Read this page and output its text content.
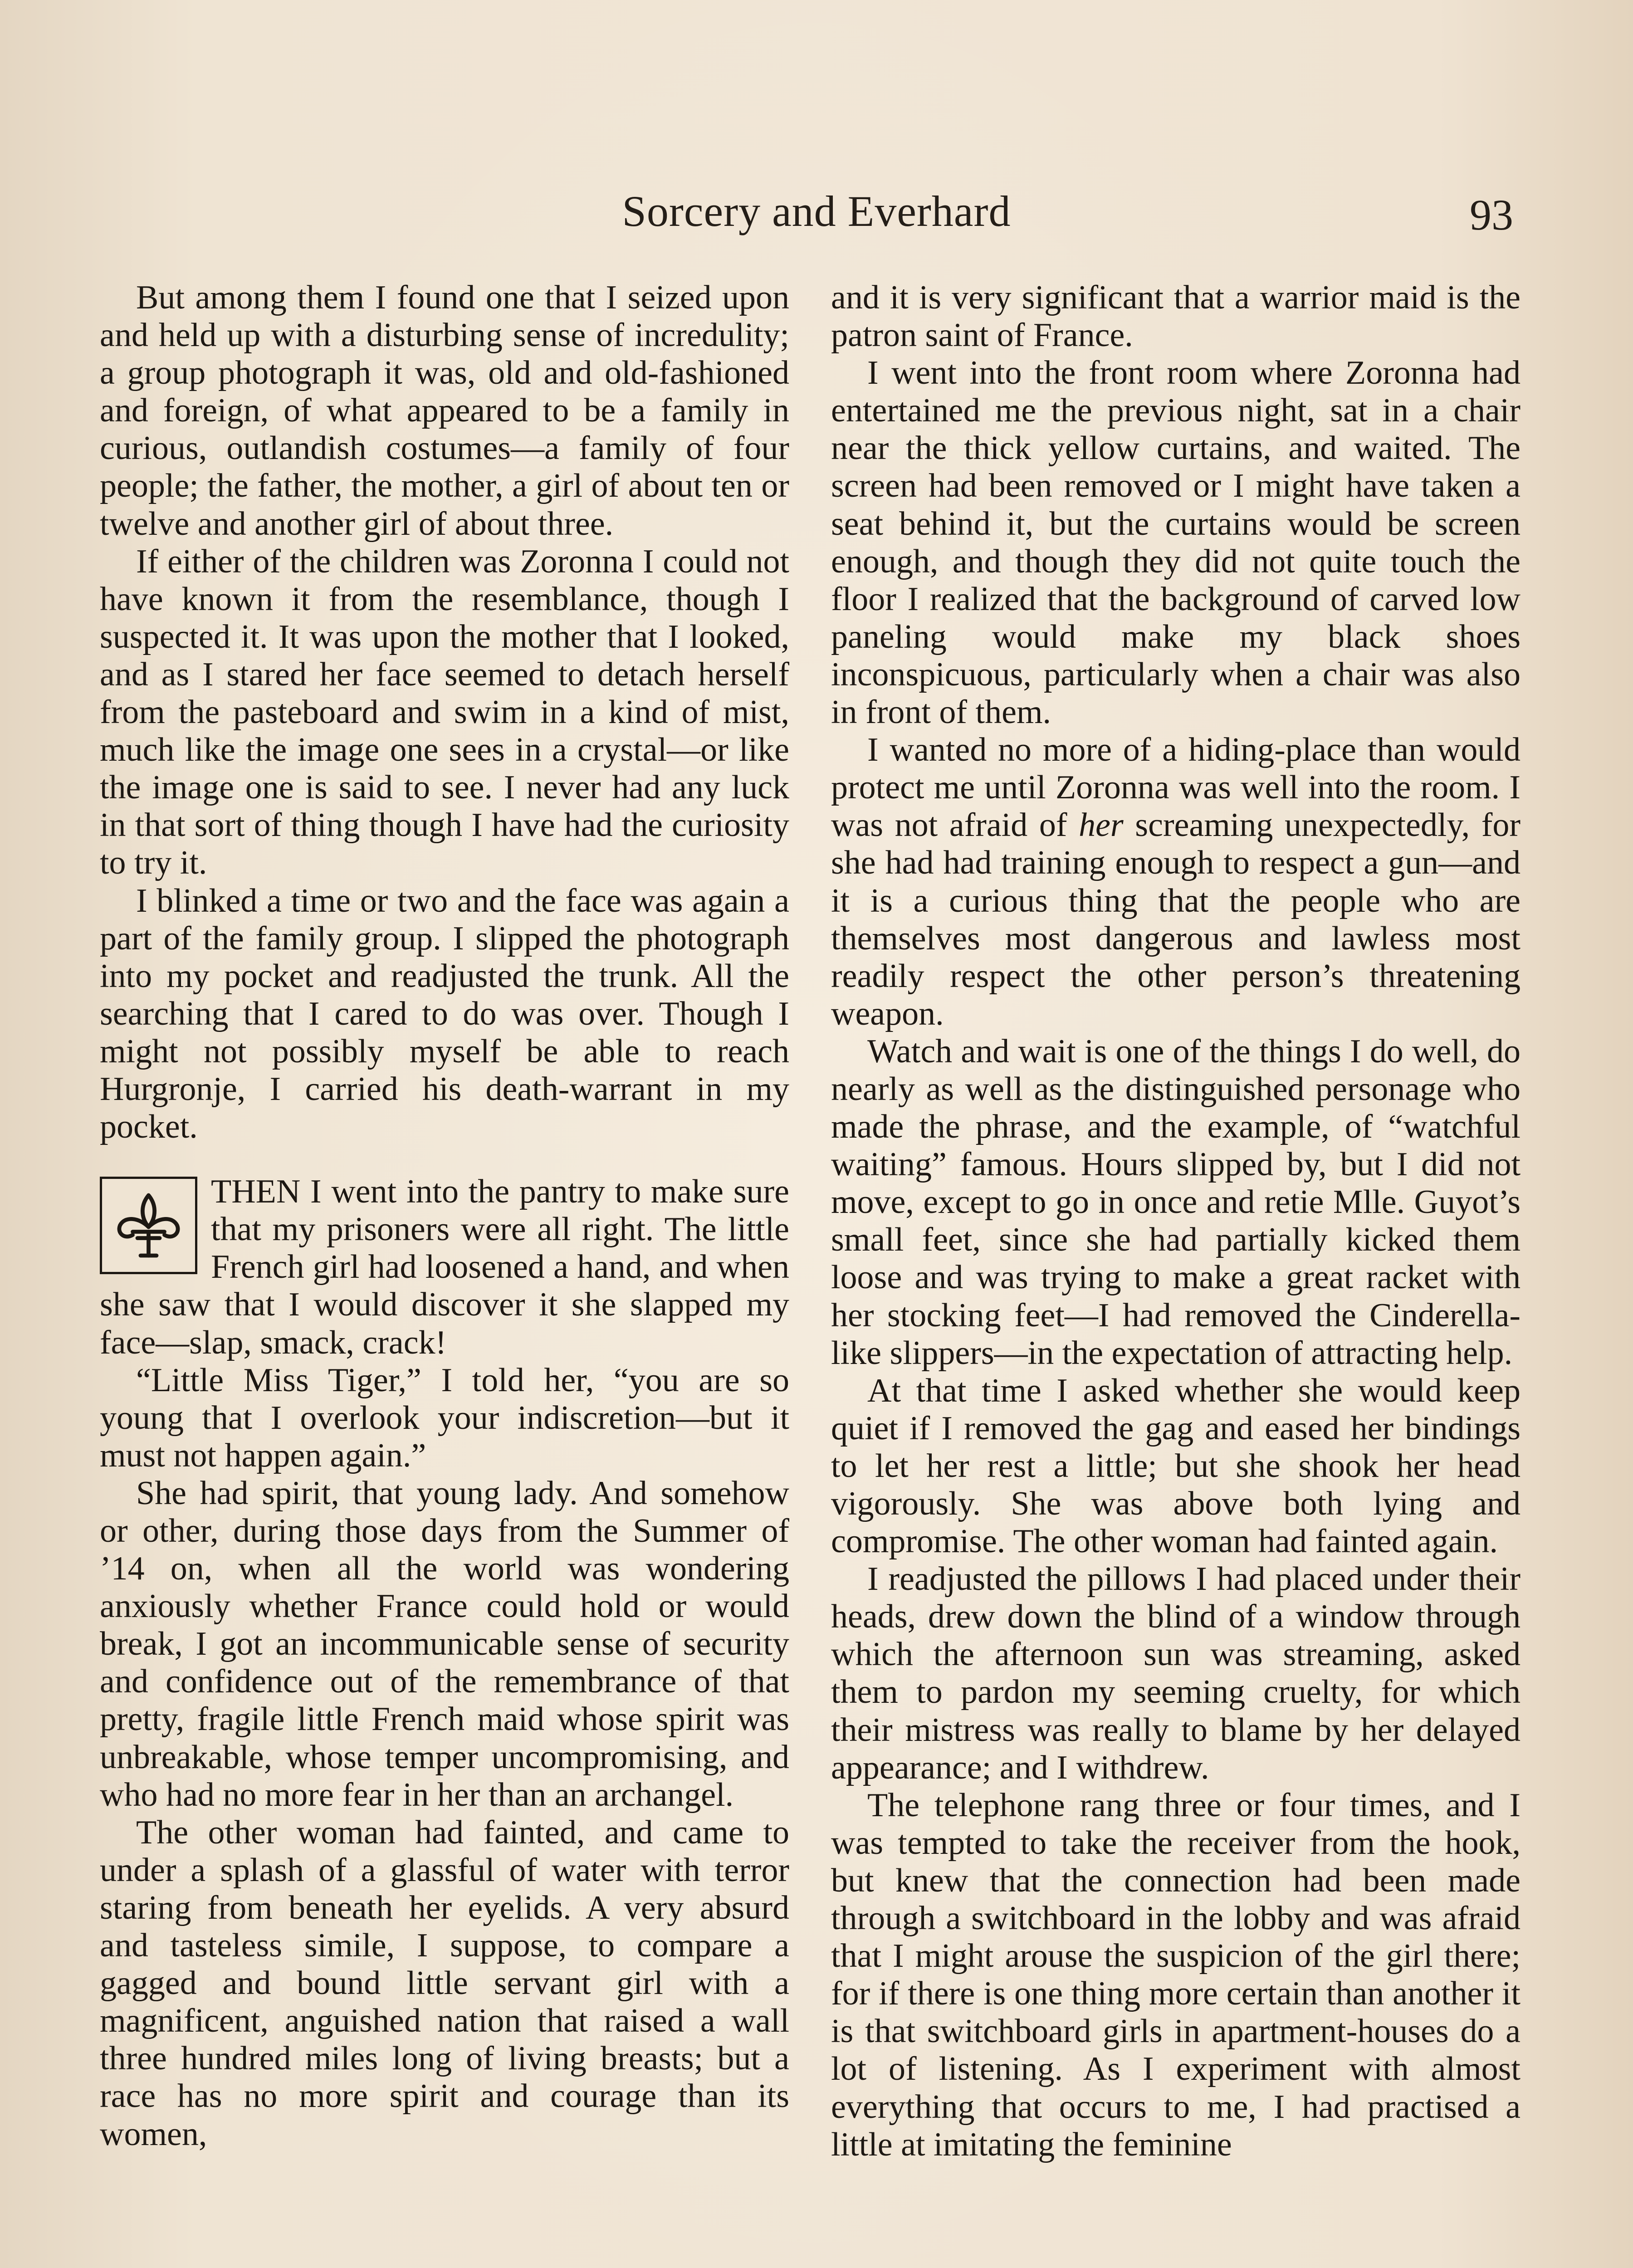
Sorcery and Everhard	93

But among them I found one that I seized upon and held up with a disturbing sense of incredulity; a group photograph it was, old and old-fashioned and foreign, of what appeared to be a family in curious, outlandish costumes—a family of four people; the father, the mother, a girl of about ten or twelve and another girl of about three.

If either of the children was Zoronna I could not have known it from the resemblance, though I suspected it. It was upon the mother that I looked, and as I stared her face seemed to detach herself from the pasteboard and swim in a kind of mist, much like the image one sees in a crystal—or like the image one is said to see. I never had any luck in that sort of thing though I have had the curiosity to try it.

I blinked a time or two and the face was again a part of the family group. I slipped the photograph into my pocket and readjusted the trunk. All the searching that I cared to do was over. Though I might not possibly myself be able to reach Hurgronje, I carried his death-warrant in my pocket.

THEN I went into the pantry to make sure that my prisoners were all right. The little French girl had loosened a hand, and when she saw that I would discover it she slapped my face—slap, smack, crack!

“Little Miss Tiger,” I told her, “you are so young that I overlook your indiscretion—but it must not happen again.”

She had spirit, that young lady. And somehow or other, during those days from the Summer of ’14 on, when all the world was wondering anxiously whether France could hold or would break, I got an incommunicable sense of security and confidence out of the remembrance of that pretty, fragile little French maid whose spirit was unbreakable, whose temper uncompromising, and who had no more fear in her than an archangel.

The other woman had fainted, and came to under a splash of a glassful of water with terror staring from beneath her eyelids. A very absurd and tasteless simile, I suppose, to compare a gagged and bound little servant girl with a magnificent, anguished nation that raised a wall three hundred miles long of living breasts; but a race has no more spirit and courage than its women,

and it is very significant that a warrior maid is the patron saint of France.

I went into the front room where Zoronna had entertained me the previous night, sat in a chair near the thick yellow curtains, and waited. The screen had been removed or I might have taken a seat behind it, but the curtains would be screen enough, and though they did not quite touch the floor I realized that the background of carved low paneling would make my black shoes inconspicuous, particularly when a chair was also in front of them.

I wanted no more of a hiding-place than would protect me until Zoronna was well into the room. I was not afraid of her screaming unexpectedly, for she had had training enough to respect a gun—and it is a curious thing that the people who are themselves most dangerous and lawless most readily respect the other person’s threatening weapon.

Watch and wait is one of the things I do well, do nearly as well as the distinguished personage who made the phrase, and the example, of “watchful waiting” famous. Hours slipped by, but I did not move, except to go in once and retie Mlle. Guyot’s small feet, since she had partially kicked them loose and was trying to make a great racket with her stocking feet—I had removed the Cinderella-like slippers—in the expectation of attracting help.

At that time I asked whether she would keep quiet if I removed the gag and eased her bindings to let her rest a little; but she shook her head vigorously. She was above both lying and compromise. The other woman had fainted again.

I readjusted the pillows I had placed under their heads, drew down the blind of a window through which the afternoon sun was streaming, asked them to pardon my seeming cruelty, for which their mistress was really to blame by her delayed appearance; and I withdrew.

The telephone rang three or four times, and I was tempted to take the receiver from the hook, but knew that the connection had been made through a switchboard in the lobby and was afraid that I might arouse the suspicion of the girl there; for if there is one thing more certain than another it is that switchboard girls in apartment-houses do a lot of listening. As I experiment with almost everything that occurs to me, I had practised a little at imitating the feminine
